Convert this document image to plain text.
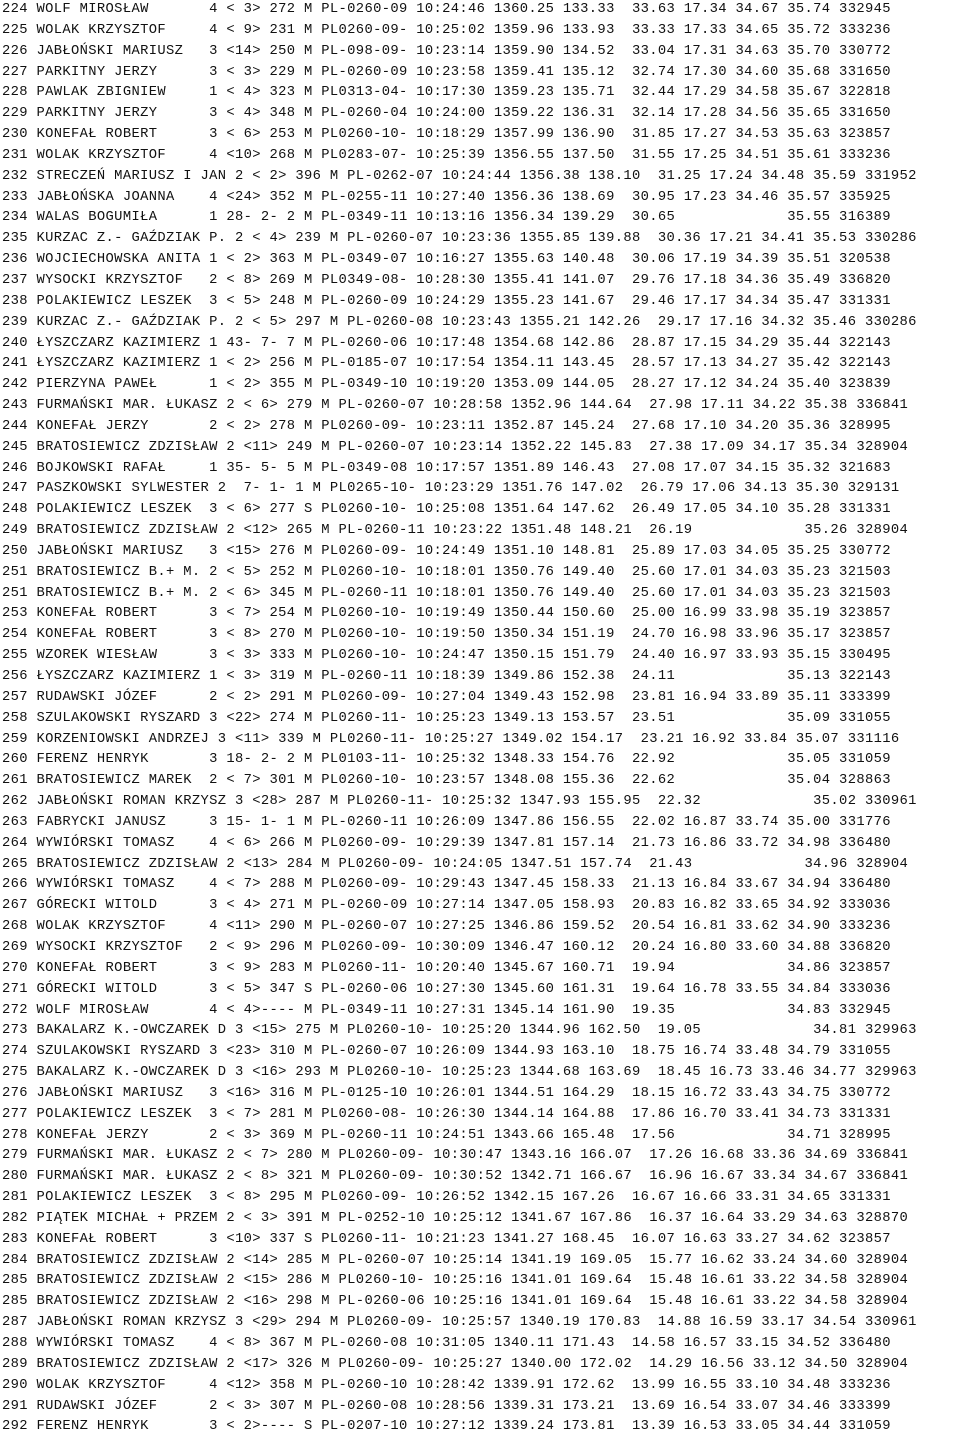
224 WOLF MIROSŁAW       4 < 3> 272 M PL-0260-09 10:24:46 1360.25 133.33  33.63 17.34 34.67 35.74 332945
225 WOLAK KRZYSZTOF     4 < 9> 231 M PL0260-09- 10:25:02 1359.96 133.93  33.33 17.33 34.65 35.72 333236
226 JABŁOŃSKI MARIUSZ   3 <14> 250 M PL-098-09- 10:23:14 1359.90 134.52  33.04 17.31 34.63 35.70 330772
227 PARKITNY JERZY      3 < 3> 229 M PL-0260-09 10:23:58 1359.41 135.12  32.74 17.30 34.60 35.68 331650
228 PAWLAK ZBIGNIEW     1 < 4> 323 M PL0313-04- 10:17:30 1359.23 135.71  32.44 17.29 34.58 35.67 322818
229 PARKITNY JERZY      3 < 4> 348 M PL-0260-04 10:24:00 1359.22 136.31  32.14 17.28 34.56 35.65 331650
230 KONEFAŁ ROBERT      3 < 6> 253 M PL0260-10- 10:18:29 1357.99 136.90  31.85 17.27 34.53 35.63 323857
231 WOLAK KRZYSZTOF     4 <10> 268 M PL0283-07- 10:25:39 1356.55 137.50  31.55 17.25 34.51 35.61 333236
232 STRECZEŃ MARIUSZ I JAN 2 < 2> 396 M PL-0262-07 10:24:44 1356.38 138.10  31.25 17.24 34.48 35.59 331952
233 JABŁOŃSKA JOANNA    4 <24> 352 M PL-0255-11 10:27:40 1356.36 138.69  30.95 17.23 34.46 35.57 335925
234 WALAS BOGUMIŁA      1 28- 2- 2 M PL-0349-11 10:13:16 1356.34 139.29  30.65             35.55 316389
235 KURZAC Z.- GAŹDZIAK P. 2 < 4> 239 M PL-0260-07 10:23:36 1355.85 139.88  30.36 17.21 34.41 35.53 330286
236 WOJCIECHOWSKA ANITA 1 < 2> 363 M PL-0349-07 10:16:27 1355.63 140.48  30.06 17.19 34.39 35.51 320538
237 WYSOCKI KRZYSZTOF   2 < 8> 269 M PL0349-08- 10:28:30 1355.41 141.07  29.76 17.18 34.36 35.49 336820
238 POLAKIEWICZ LESZEK  3 < 5> 248 M PL-0260-09 10:24:29 1355.23 141.67  29.46 17.17 34.34 35.47 331331
239 KURZAC Z.- GAŹDZIAK P. 2 < 5> 297 M PL-0260-08 10:23:43 1355.21 142.26  29.17 17.16 34.32 35.46 330286
240 ŁYSZCZARZ KAZIMIERZ 1 43- 7- 7 M PL-0260-06 10:17:48 1354.68 142.86  28.87 17.15 34.29 35.44 322143
241 ŁYSZCZARZ KAZIMIERZ 1 < 2> 256 M PL-0185-07 10:17:54 1354.11 143.45  28.57 17.13 34.27 35.42 322143
242 PIERZYNA PAWEŁ      1 < 2> 355 M PL-0349-10 10:19:20 1353.09 144.05  28.27 17.12 34.24 35.40 323839
243 FURMAŃSKI MAR. ŁUKASZ 2 < 6> 279 M PL-0260-07 10:28:58 1352.96 144.64  27.98 17.11 34.22 35.38 336841
244 KONEFAŁ JERZY       2 < 2> 278 M PL0260-09- 10:23:11 1352.87 145.24  27.68 17.10 34.20 35.36 328995
245 BRATOSIEWICZ ZDZISŁAW 2 <11> 249 M PL-0260-07 10:23:14 1352.22 145.83  27.38 17.09 34.17 35.34 328904
246 BOJKOWSKI RAFAŁ     1 35- 5- 5 M PL-0349-08 10:17:57 1351.89 146.43  27.08 17.07 34.15 35.32 321683
247 PASZKOWSKI SYLWESTER 2  7- 1- 1 M PL0265-10- 10:23:29 1351.76 147.02  26.79 17.06 34.13 35.30 329131
248 POLAKIEWICZ LESZEK  3 < 6> 277 S PL0260-10- 10:25:08 1351.64 147.62  26.49 17.05 34.10 35.28 331331
249 BRATOSIEWICZ ZDZISŁAW 2 <12> 265 M PL-0260-11 10:23:22 1351.48 148.21  26.19             35.26 328904
250 JABŁOŃSKI MARIUSZ   3 <15> 276 M PL0260-09- 10:24:49 1351.10 148.81  25.89 17.03 34.05 35.25 330772
251 BRATOSIEWICZ B.+ M. 2 < 5> 252 M PL0260-10- 10:18:01 1350.76 149.40  25.60 17.01 34.03 35.23 321503
251 BRATOSIEWICZ B.+ M. 2 < 6> 345 M PL-0260-11 10:18:01 1350.76 149.40  25.60 17.01 34.03 35.23 321503
253 KONEFAŁ ROBERT      3 < 7> 254 M PL0260-10- 10:19:49 1350.44 150.60  25.00 16.99 33.98 35.19 323857
254 KONEFAŁ ROBERT      3 < 8> 270 M PL0260-10- 10:19:50 1350.34 151.19  24.70 16.98 33.96 35.17 323857
255 WZOREK WIESŁAW      3 < 3> 333 M PL0260-10- 10:24:47 1350.15 151.79  24.40 16.97 33.93 35.15 330495
256 ŁYSZCZARZ KAZIMIERZ 1 < 3> 319 M PL-0260-11 10:18:39 1349.86 152.38  24.11             35.13 322143
257 RUDAWSKI JÓZEF      2 < 2> 291 M PL0260-09- 10:27:04 1349.43 152.98  23.81 16.94 33.89 35.11 333399
258 SZULAKOWSKI RYSZARD 3 <22> 274 M PL0260-11- 10:25:23 1349.13 153.57  23.51             35.09 331055
259 KORZENIOWSKI ANDRZEJ 3 <11> 339 M PL0260-11- 10:25:27 1349.02 154.17  23.21 16.92 33.84 35.07 331116
260 FERENZ HENRYK       3 18- 2- 2 M PL0103-11- 10:25:32 1348.33 154.76  22.92             35.05 331059
261 BRATOSIEWICZ MAREK  2 < 7> 301 M PL0260-10- 10:23:57 1348.08 155.36  22.62             35.04 328863
262 JABŁOŃSKI ROMAN KRZYSZ 3 <28> 287 M PL0260-11- 10:25:32 1347.93 155.95  22.32             35.02 330961
263 FABRYCKI JANUSZ     3 15- 1- 1 M PL-0260-11 10:26:09 1347.86 156.55  22.02 16.87 33.74 35.00 331776
264 WYWIÓRSKI TOMASZ    4 < 6> 266 M PL0260-09- 10:29:39 1347.81 157.14  21.73 16.86 33.72 34.98 336480
265 BRATOSIEWICZ ZDZISŁAW 2 <13> 284 M PL0260-09- 10:24:05 1347.51 157.74  21.43             34.96 328904
266 WYWIÓRSKI TOMASZ    4 < 7> 288 M PL0260-09- 10:29:43 1347.45 158.33  21.13 16.84 33.67 34.94 336480
267 GÓRECKI WITOLD      3 < 4> 271 M PL-0260-09 10:27:14 1347.05 158.93  20.83 16.82 33.65 34.92 333036
268 WOLAK KRZYSZTOF     4 <11> 290 M PL-0260-07 10:27:25 1346.86 159.52  20.54 16.81 33.62 34.90 333236
269 WYSOCKI KRZYSZTOF   2 < 9> 296 M PL0260-09- 10:30:09 1346.47 160.12  20.24 16.80 33.60 34.88 336820
270 KONEFAŁ ROBERT      3 < 9> 283 M PL0260-11- 10:20:40 1345.67 160.71  19.94             34.86 323857
271 GÓRECKI WITOLD      3 < 5> 347 S PL-0260-06 10:27:30 1345.60 161.31  19.64 16.78 33.55 34.84 333036
272 WOLF MIROSŁAW       4 < 4>---- M PL-0349-11 10:27:31 1345.14 161.90  19.35             34.83 332945
273 BAKALARZ K.-OWCZAREK D 3 <15> 275 M PL0260-10- 10:25:20 1344.96 162.50  19.05             34.81 329963
274 SZULAKOWSKI RYSZARD 3 <23> 310 M PL-0260-07 10:26:09 1344.93 163.10  18.75 16.74 33.48 34.79 331055
275 BAKALARZ K.-OWCZAREK D 3 <16> 293 M PL0260-10- 10:25:23 1344.68 163.69  18.45 16.73 33.46 34.77 329963
276 JABŁOŃSKI MARIUSZ   3 <16> 316 M PL-0125-10 10:26:01 1344.51 164.29  18.15 16.72 33.43 34.75 330772
277 POLAKIEWICZ LESZEK  3 < 7> 281 M PL0260-08- 10:26:30 1344.14 164.88  17.86 16.70 33.41 34.73 331331
278 KONEFAŁ JERZY       2 < 3> 369 M PL-0260-11 10:24:51 1343.66 165.48  17.56             34.71 328995
279 FURMAŃSKI MAR. ŁUKASZ 2 < 7> 280 M PL0260-09- 10:30:47 1343.16 166.07  17.26 16.68 33.36 34.69 336841
280 FURMAŃSKI MAR. ŁUKASZ 2 < 8> 321 M PL0260-09- 10:30:52 1342.71 166.67  16.96 16.67 33.34 34.67 336841
281 POLAKIEWICZ LESZEK  3 < 8> 295 M PL0260-09- 10:26:52 1342.15 167.26  16.67 16.66 33.31 34.65 331331
282 PIĄTEK MICHAŁ + PRZEM 2 < 3> 391 M PL-0252-10 10:25:12 1341.67 167.86  16.37 16.64 33.29 34.63 328870
283 KONEFAŁ ROBERT      3 <10> 337 S PL0260-11- 10:21:23 1341.27 168.45  16.07 16.63 33.27 34.62 323857
284 BRATOSIEWICZ ZDZISŁAW 2 <14> 285 M PL-0260-07 10:25:14 1341.19 169.05  15.77 16.62 33.24 34.60 328904
285 BRATOSIEWICZ ZDZISŁAW 2 <15> 286 M PL0260-10- 10:25:16 1341.01 169.64  15.48 16.61 33.22 34.58 328904
285 BRATOSIEWICZ ZDZISŁAW 2 <16> 298 M PL-0260-06 10:25:16 1341.01 169.64  15.48 16.61 33.22 34.58 328904
287 JABŁOŃSKI ROMAN KRZYSZ 3 <29> 294 M PL0260-09- 10:25:57 1340.19 170.83  14.88 16.59 33.17 34.54 330961
288 WYWIÓRSKI TOMASZ    4 < 8> 367 M PL-0260-08 10:31:05 1340.11 171.43  14.58 16.57 33.15 34.52 336480
289 BRATOSIEWICZ ZDZISŁAW 2 <17> 326 M PL0260-09- 10:25:27 1340.00 172.02  14.29 16.56 33.12 34.50 328904
290 WOLAK KRZYSZTOF     4 <12> 358 M PL-0260-10 10:28:42 1339.91 172.62  13.99 16.55 33.10 34.48 333236
291 RUDAWSKI JÓZEF      2 < 3> 307 M PL-0260-08 10:28:56 1339.31 173.21  13.69 16.54 33.07 34.46 333399
292 FERENZ HENRYK       3 < 2>---- S PL-0207-10 10:27:12 1339.24 173.81  13.39 16.53 33.05 34.44 331059
